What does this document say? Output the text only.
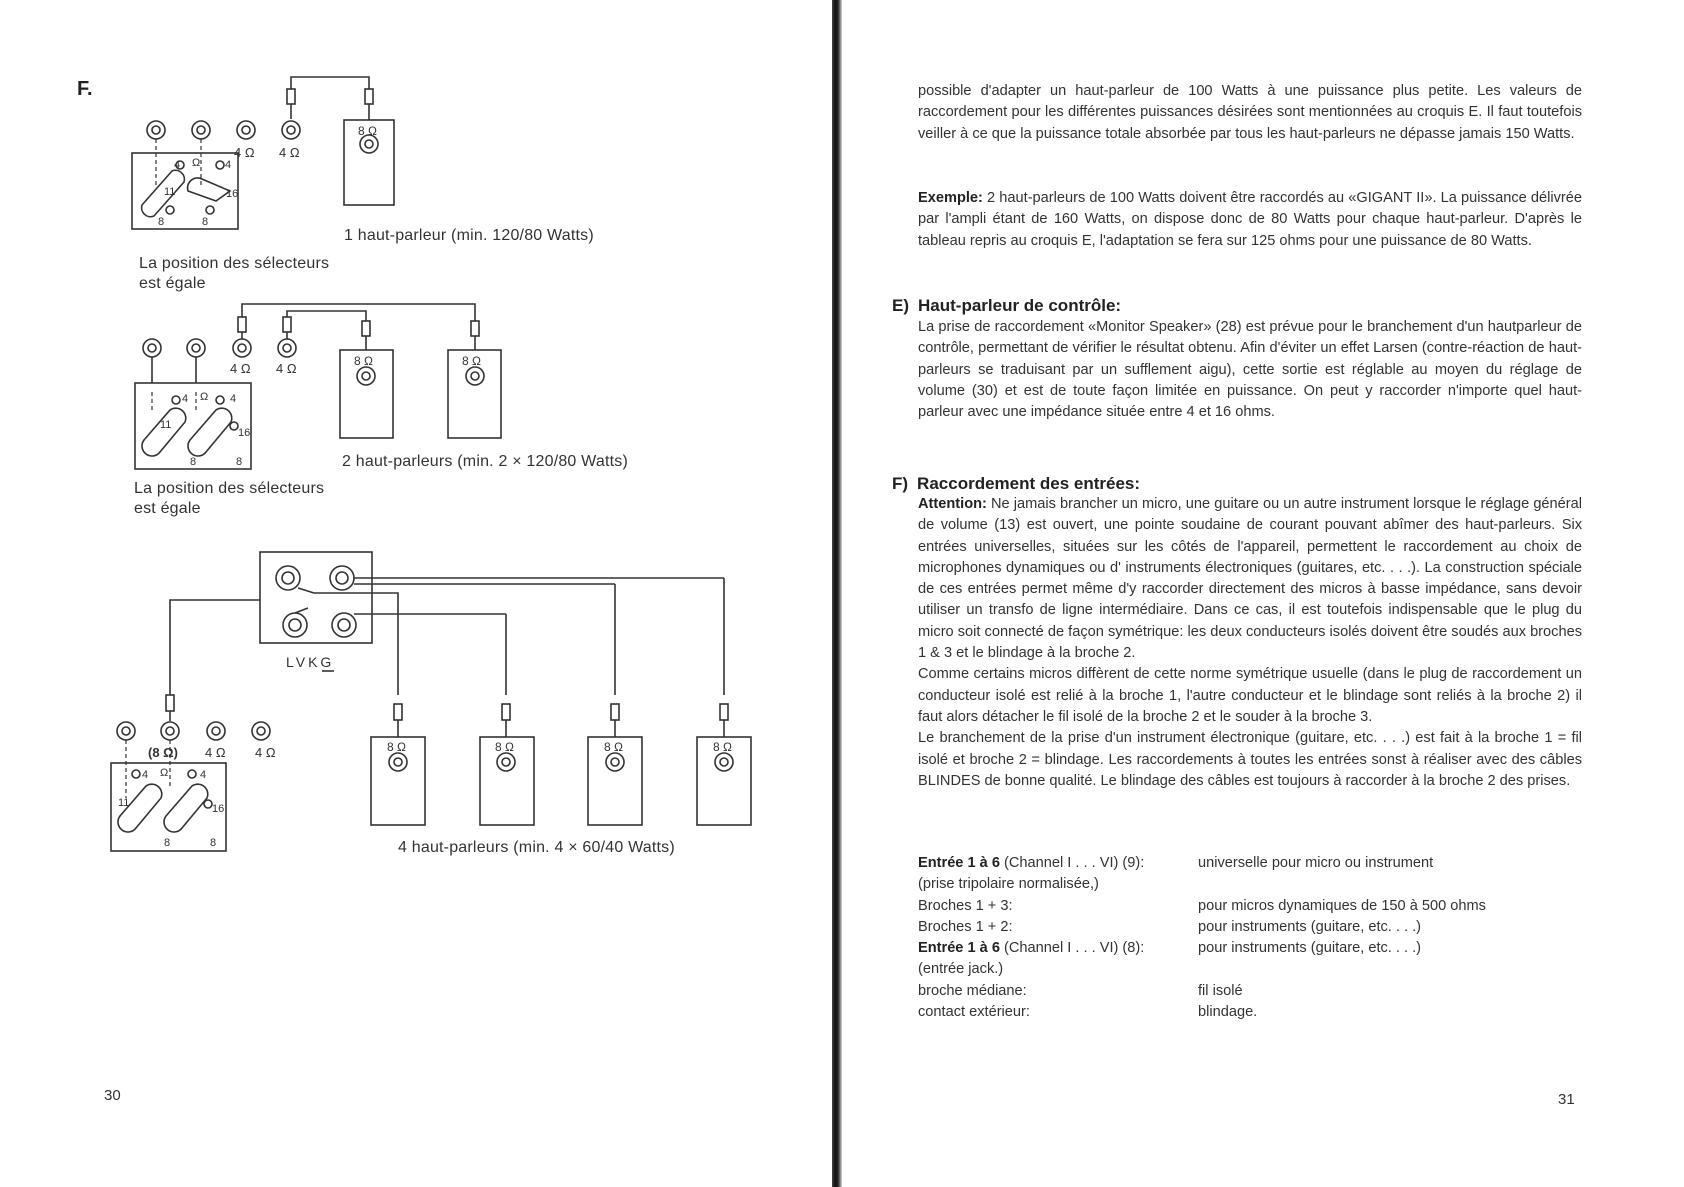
F.
4 Ω 4 Ω
8 Ω
4 Ω 4
11	16
8	8
1 haut-parleur (min. 120/80 Watts)
La position des sélecteurs
est égale
4 Ω 4 Ω	8 Ω	8 Ω
4 Ω 4
11
16
8	8	2 haut-parleurs (min. 2 × 120/80 Watts)
La position des sélecteurs
est égale
LVKG
(8 Ω) 4 Ω 4 Ω
4 Ω	4
11	16
8	8
8 Ω	8 Ω	8 Ω	8 Ω
4 haut-parleurs (min. 4 × 60/40 Watts)
30

possible d'adapter un haut-parleur de 100 Watts à une puissance plus petite. Les valeurs de raccordement pour les différentes puissances désirées sont mentionnées au croquis E. Il faut toutefois veiller à ce que la puissance totale absorbée par tous les haut-parleurs ne dépasse jamais 150 Watts.

Exemple: 2 haut-parleurs de 100 Watts doivent être raccordés au «GIGANT II». La puissance délivrée par l'ampli étant de 160 Watts, on dispose donc de 80 Watts pour chaque haut-parleur. D'après le tableau repris au croquis E, l'adaptation se fera sur 125 ohms pour une puissance de 80 Watts.

E) Haut-parleur de contrôle:

La prise de raccordement «Monitor Speaker» (28) est prévue pour le branchement d'un hautparleur de contrôle, permettant de vérifier le résultat obtenu. Afin d'éviter un effet Larsen (contre-réaction de haut-parleurs se traduisant par un sufflement aigu), cette sortie est réglable au moyen du réglage de volume (30) et est de toute façon limitée en puissance. On peut y raccorder n'importe quel haut-parleur avec une impédance située entre 4 et 16 ohms.

F) Raccordement des entrées:

Attention: Ne jamais brancher un micro, une guitare ou un autre instrument lorsque le réglage général de volume (13) est ouvert, une pointe soudaine de courant pouvant abîmer des haut-parleurs. Six entrées universelles, situées sur les côtés de l'appareil, permettent le raccordement au choix de microphones dynamiques ou d' instruments électroniques (guitares, etc. . . .). La construction spéciale de ces entrées permet même d'y raccorder directement des micros à basse impédance, sans devoir utiliser un transfo de ligne intermédiaire. Dans ce cas, il est toutefois indispensable que le plug du micro soit connecté de façon symétrique: les deux conducteurs isolés doivent être soudés aux broches 1 & 3 et le blindage à la broche 2.

Comme certains micros diffèrent de cette norme symétrique usuelle (dans le plug de raccordement un conducteur isolé est relié à la broche 1, l'autre conducteur et le blindage sont reliés à la broche 2) il faut alors détacher le fil isolé de la broche 2 et le souder à la broche 3.

Le branchement de la prise d'un instrument électronique (guitare, etc. . . .) est fait à la broche 1 = fil isolé et broche 2 = blindage. Les raccordements à toutes les entrées sonst à réaliser avec des câbles BLINDES de bonne qualité. Le blindage des câbles est toujours à raccorder à la broche 2 des prises.

Entrée 1 à 6 (Channel I . . . VI) (9):	universelle pour micro ou instrument
(prise tripolaire normalisée,)
Broches 1 + 3:	pour micros dynamiques de 150 à 500 ohms
Broches 1 + 2:	pour instruments (guitare, etc. . . .)
Entrée 1 à 6 (Channel I . . . VI) (8):	pour instruments (guitare, etc. . . .)
(entrée jack.)
broche médiane:	fil isolé
contact extérieur:	blindage.
31
